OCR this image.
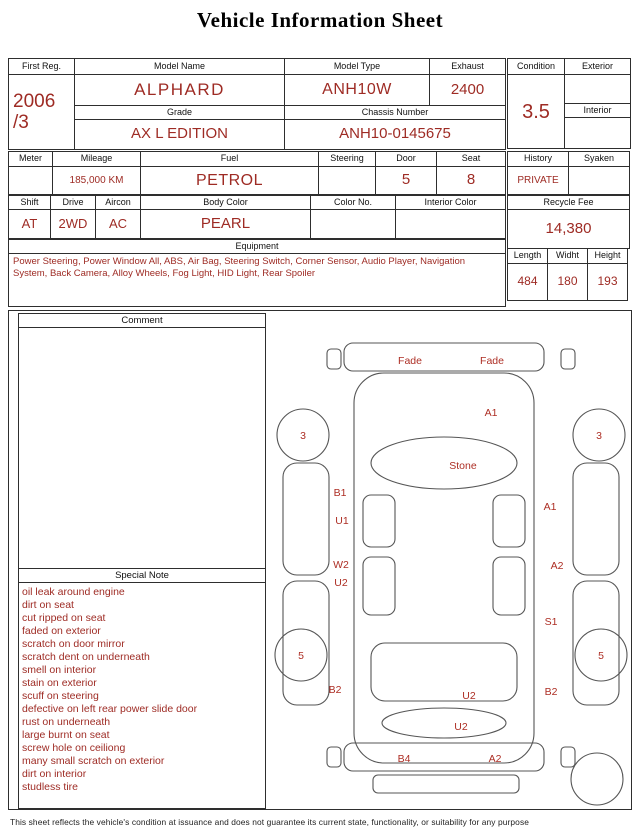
Vehicle Information Sheet
First Reg.	Model Name	Model Type	Exhaust

2006
/3	ALPHARD	ANH10W	2400
	Grade	Chassis Number	
	AX L EDITION	ANH10-0145675	
Condition	Exterior
3.5	
	Interior

Meter	Mileage	Fuel	Steering	Door	Seat
	185,000 KM	PETROL		5	8
History	Syaken
PRIVATE	
Shift	Drive	Aircon	Body Color	Color No.	Interior Color
AT	2WD	AC	PEARL		
Recycle Fee
14,380
Equipment
Power Steering, Power Window All, ABS, Air Bag, Steering Switch, Corner Sensor, Audio Player, Navigation System, Back Camera, Alloy Wheels, Fog Light, HID Light, Rear Spoiler
Length	Widht	Height
484	180	193
Comment
Special Note
oil leak around engine
dirt on seat
cut ripped on seat
faded on exterior
scratch on door mirror
scratch dent on underneath
smell on interior
stain on exterior
scuff on steering
defective on left rear power slide door
rust on underneath
large burnt on seat
screw hole on ceiliong
many small scratch on exterior
dirt on interior
studless tire
Fade	Fade
A1
3	3
Stone
B1
U1
A1
W2
U2
A2
5
S1
5
B2	U2	B2
U2
B4	A2
This sheet reflects the vehicle's condition at issuance and does not guarantee its current state, functionality, or suitability for any purpose
